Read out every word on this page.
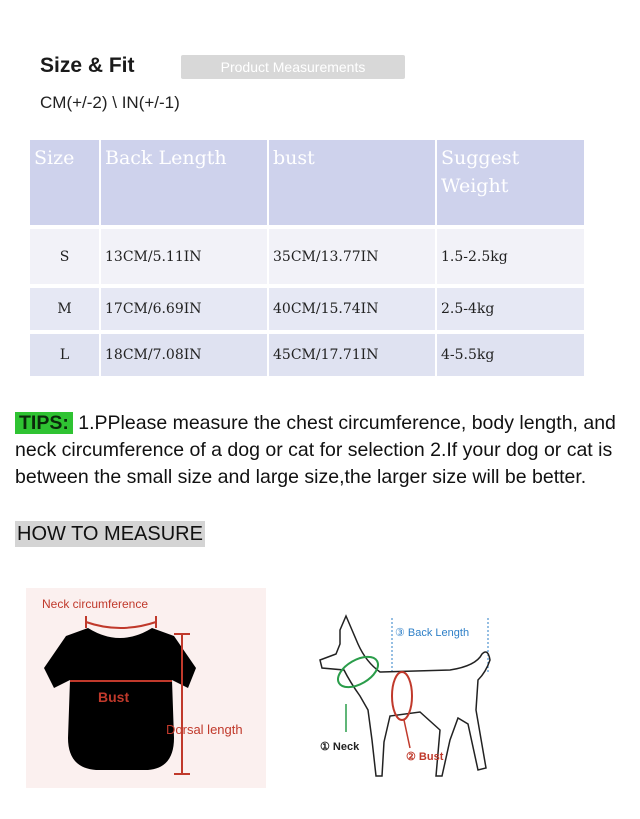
Size & Fit	Product Measurements
CM(+/-2) \ IN(+/-1)
Size	Back Length	bust	Suggest
Weight

S	13CM/5.11IN	35CM/13.77IN	1.5-2.5kg

M	17CM/6.69IN	40CM/15.74IN	2.5-4kg

L	18CM/7.08IN	45CM/17.71IN	4-5.5kg
TIPS: 1.PPlease measure the chest circumference, body length, and neck circumference of a dog or cat for selection 2.If your dog or cat is between the small size and large size,the larger size will be better.
HOW TO MEASURE
Neck circumference
Bust
Dorsal length
③ Back Length
① Neck
② Bust
